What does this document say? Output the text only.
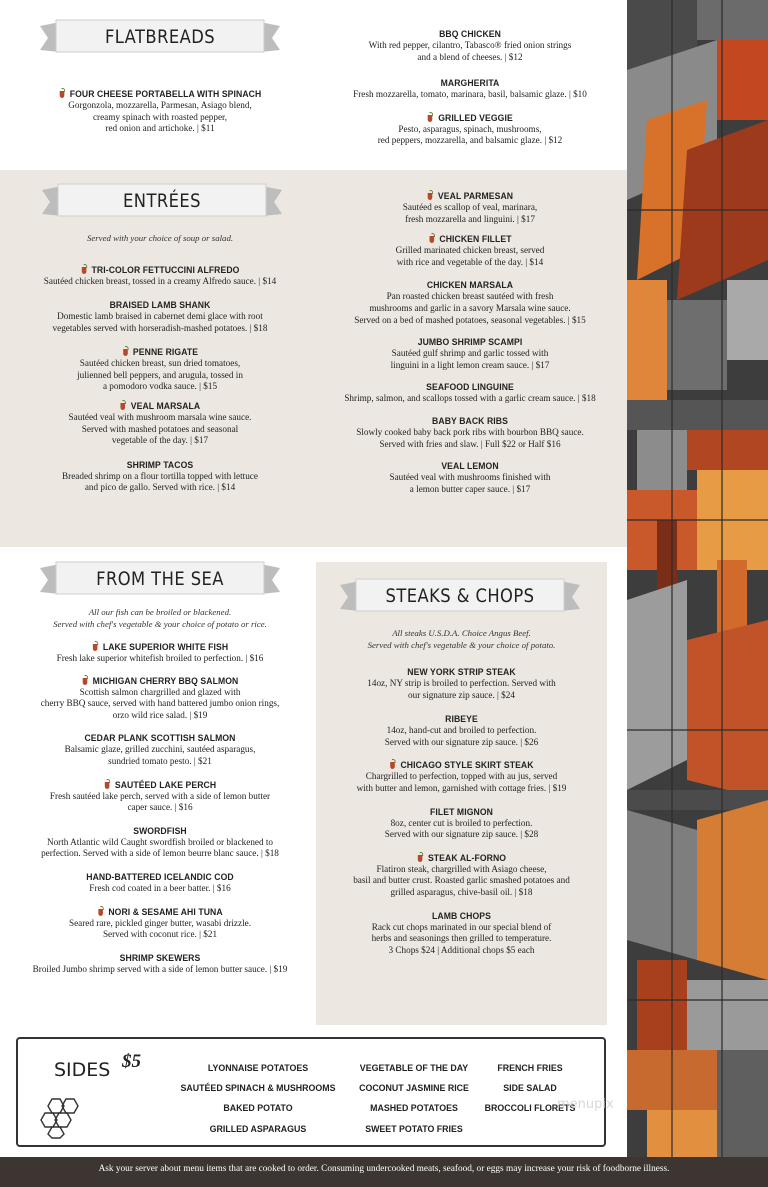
FLATBREADS
FOUR CHEESE PORTABELLA WITH SPINACH
Gorgonzola, mozzarella, Parmesan, Asiago blend,
creamy spinach with roasted pepper,
red onion and artichoke. | $11
BBQ CHICKEN
With red pepper, cilantro, Tabasco® fried onion strings
and a blend of cheeses. | $12
MARGHERITA
Fresh mozzarella, tomato, marinara, basil, balsamic glaze. | $10
GRILLED VEGGIE
Pesto, asparagus, spinach, mushrooms,
red peppers, mozzarella, and balsamic glaze. | $12
ENTRÉES
Served with your choice of soup or salad.
TRI-COLOR FETTUCCINI ALFREDO
Sautéed chicken breast, tossed in a creamy Alfredo sauce. | $14
BRAISED LAMB SHANK
Domestic lamb braised in cabernet demi glace with root
vegetables served with horseradish-mashed potatoes. | $18
PENNE RIGATE
Sautéed chicken breast, sun dried tomatoes,
julienned bell peppers, and arugula, tossed in
a pomodoro vodka sauce. | $15
VEAL MARSALA
Sautéed veal with mushroom marsala wine sauce.
Served with mashed potatoes and seasonal
vegetable of the day. | $17
SHRIMP TACOS
Breaded shrimp on a flour tortilla topped with lettuce
and pico de gallo. Served with rice. | $14
VEAL PARMESAN
Sautéed es scallop of veal, marinara,
fresh mozzarella and linguini. | $17
CHICKEN FILLET
Grilled marinated chicken breast, served
with rice and vegetable of the day. | $14
CHICKEN MARSALA
Pan roasted chicken breast sautéed with fresh
mushrooms and garlic in a savory Marsala wine sauce.
Served on a bed of mashed potatoes, seasonal vegetables. | $15
JUMBO SHRIMP SCAMPI
Sautéed gulf shrimp and garlic tossed with
linguini in a light lemon cream sauce. | $17
SEAFOOD LINGUINE
Shrimp, salmon, and scallops tossed with a garlic cream sauce. | $18
BABY BACK RIBS
Slowly cooked baby back pork ribs with bourbon BBQ sauce.
Served with fries and slaw. | Full $22 or Half $16
VEAL LEMON
Sautéed veal with mushrooms finished with
a lemon butter caper sauce. | $17
FROM THE SEA
All our fish can be broiled or blackened.
Served with chef's vegetable & your choice of potato or rice.
LAKE SUPERIOR WHITE FISH
Fresh lake superior whitefish broiled to perfection. | $16
MICHIGAN CHERRY BBQ SALMON
Scottish salmon chargrilled and glazed with
cherry BBQ sauce, served with hand battered jumbo onion rings,
orzo wild rice salad. | $19
CEDAR PLANK SCOTTISH SALMON
Balsamic glaze, grilled zucchini, sautéed asparagus,
sundried tomato pesto. | $21
SAUTÉED LAKE PERCH
Fresh sautéed lake perch, served with a side of lemon butter
caper sauce. | $16
SWORDFISH
North Atlantic wild Caught swordfish broiled or blackened to
perfection. Served with a side of lemon beurre blanc sauce. | $18
HAND-BATTERED ICELANDIC COD
Fresh cod coated in a beer batter. | $16
NORI & SESAME AHI TUNA
Seared rare, pickled ginger butter, wasabi drizzle.
Served with coconut rice. | $21
SHRIMP SKEWERS
Broiled Jumbo shrimp served with a side of lemon butter sauce. | $19
STEAKS & CHOPS
All steaks U.S.D.A. Choice Angus Beef.
Served with chef's vegetable & your choice of potato.
NEW YORK STRIP STEAK
14oz, NY strip is broiled to perfection. Served with
our signature zip sauce. | $24
RIBEYE
14oz, hand-cut and broiled to perfection.
Served with our signature zip sauce. | $26
CHICAGO STYLE SKIRT STEAK
Chargrilled to perfection, topped with au jus, served
with butter and lemon, garnished with cottage fries. | $19
FILET MIGNON
8oz, center cut is broiled to perfection.
Served with our signature zip sauce. | $28
STEAK AL-FORNO
Flatiron steak, chargrilled with Asiago cheese,
basil and butter crust. Roasted garlic smashed potatoes and
grilled asparagus, chive-basil oil. | $18
LAMB CHOPS
Rack cut chops marinated in our special blend of
herbs and seasonings then grilled to temperature.
3 Chops $24 | Additional chops $5 each
SIDES $5	LYONNAISE POTATOES
SAUTÉED SPINACH & MUSHROOMS
BAKED POTATO
GRILLED ASPARAGUS
VEGETABLE OF THE DAY
COCONUT JASMINE RICE
MASHED POTATOES
SWEET POTATO FRIES
FRENCH FRIES
SIDE SALAD
BROCCOLI FLORETS
menupix
Ask your server about menu items that are cooked to order. Consuming undercooked meats, seafood, or eggs may increase your risk of foodborne illness.
